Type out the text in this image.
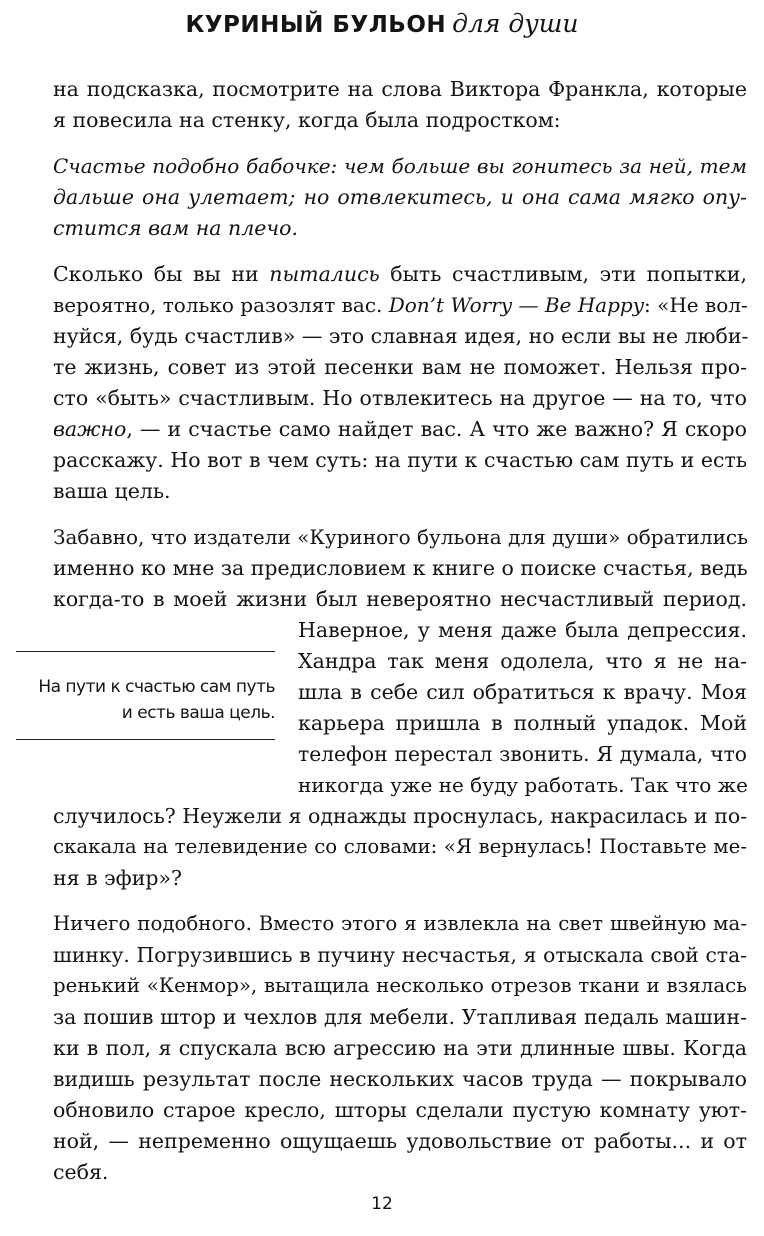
КУРИНЫЙ БУЛЬОН для души
на подсказка, посмотрите на слова Виктора Франкла, которые
я повесила на стенку, когда была подростком:
Счастье подобно бабочке: чем больше вы гонитесь за ней, тем
дальше она улетает; но отвлекитесь, и она сама мягко опу-
стится вам на плечо.
Сколько бы вы ни пытались быть счастливым, эти попытки,
вероятно, только разозлят вас. Don’t Worry — Be Happy: «Не вол-
нуйся, будь счастлив» — это славная идея, но если вы не люби-
те жизнь, совет из этой песенки вам не поможет. Нельзя про-
сто «быть» счастливым. Но отвлекитесь на другое — на то, что
важно, — и счастье само найдет вас. А что же важно? Я скоро
расскажу. Но вот в чем суть: на пути к счастью сам путь и есть
ваша цель.
Забавно, что издатели «Куриного бульона для души» обратились
именно ко мне за предисловием к книге о поиске счастья, ведь
когда-то в моей жизни был невероятно несчастливый период.
Наверное, у меня даже была депрессия.
Хандра так меня одолела, что я не на-
шла в себе сил обратиться к врачу. Моя
карьера пришла в полный упадок. Мой
телефон перестал звонить. Я думала, что
никогда уже не буду работать. Так что же
случилось? Неужели я однажды проснулась, накрасилась и по-
скакала на телевидение со словами: «Я вернулась! Поставьте ме-
ня в эфир»?
На пути к счастью сам путь
и есть ваша цель.
Ничего подобного. Вместо этого я извлекла на свет швейную ма-
шинку. Погрузившись в пучину несчастья, я отыскала свой ста-
ренький «Кенмор», вытащила несколько отрезов ткани и взялась
за пошив штор и чехлов для мебели. Утапливая педаль машин-
ки в пол, я спускала всю агрессию на эти длинные швы. Когда
видишь результат после нескольких часов труда — покрывало
обновило старое кресло, шторы сделали пустую комнату уют-
ной, — непременно ощущаешь удовольствие от работы... и от
себя.
12
